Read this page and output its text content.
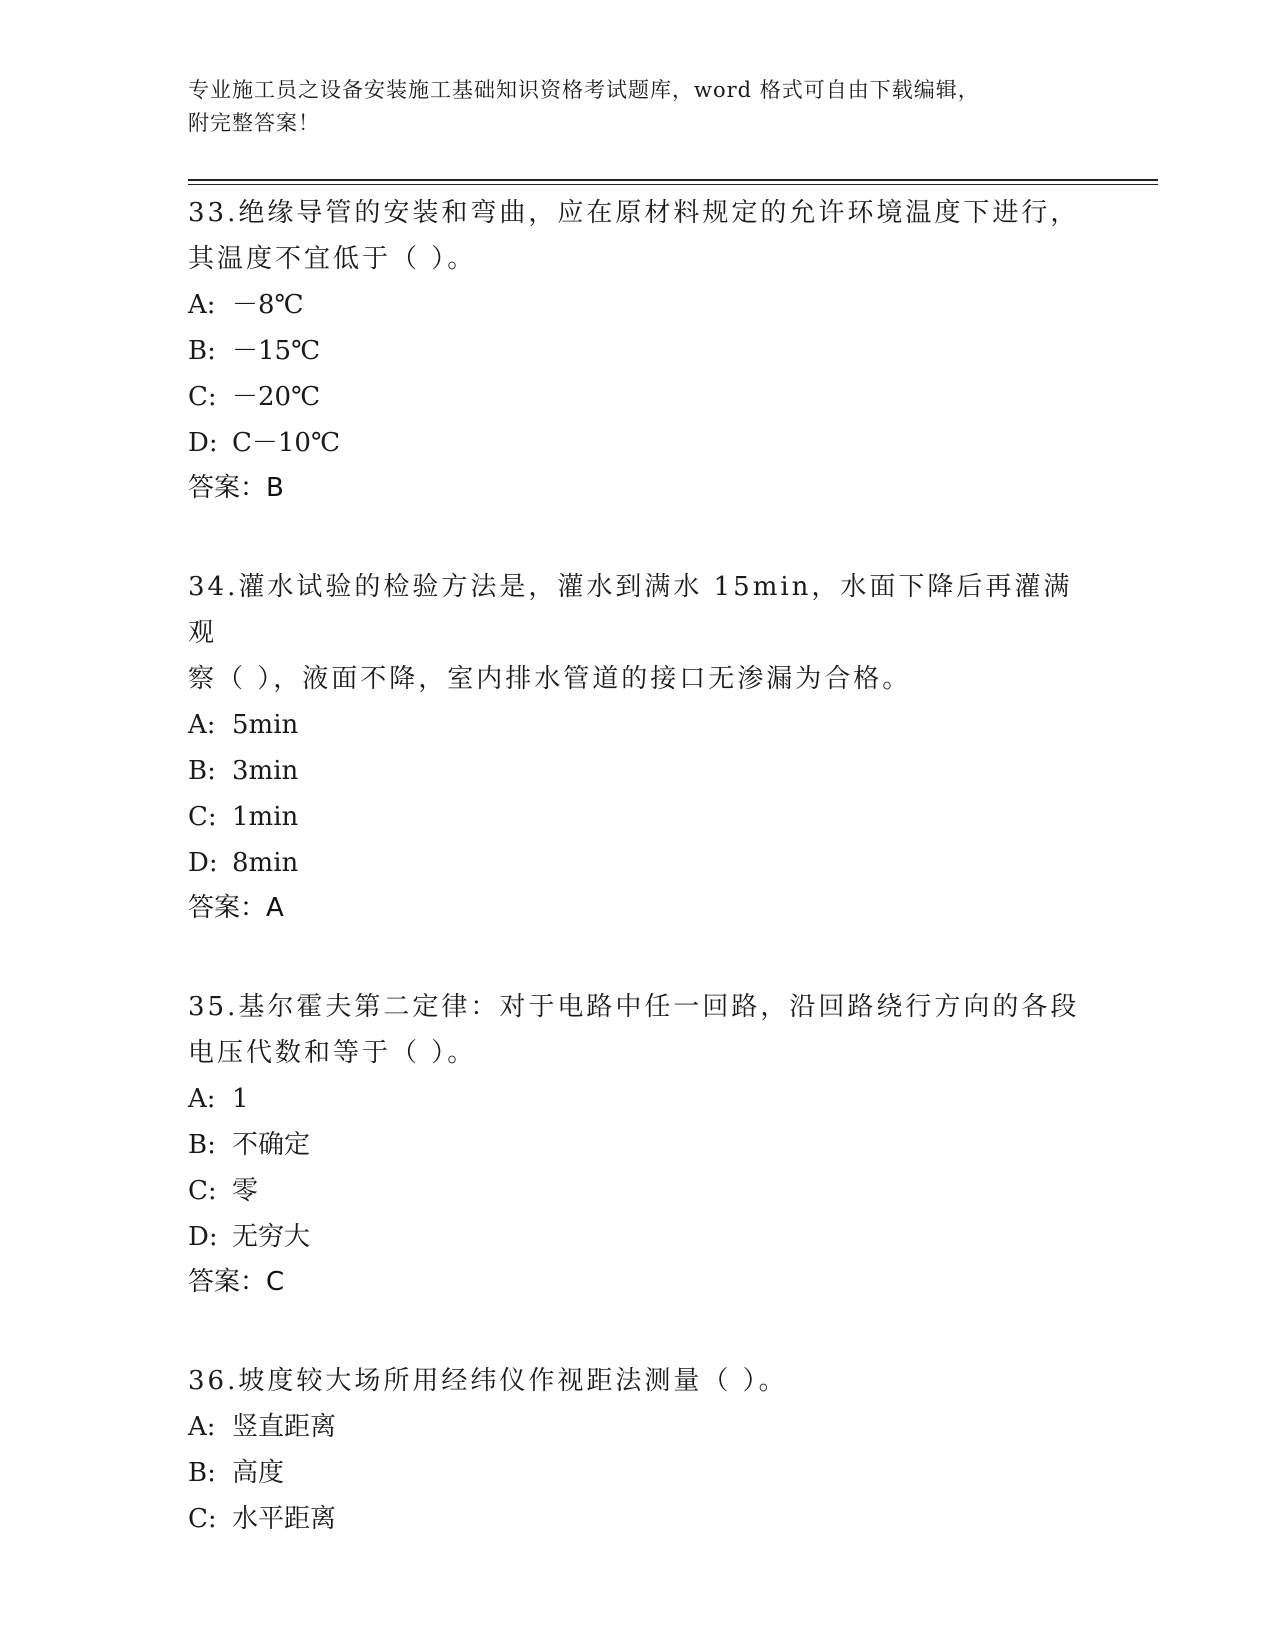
专业施工员之设备安装施工基础知识资格考试题库，word 格式可自由下载编辑，
附完整答案！

33.绝缘导管的安装和弯曲，应在原材料规定的允许环境温度下进行，

其温度不宜低于（ ）。

A: －8℃

B: －15℃

C: －20℃

D: C－10℃

答案：B

34.灌水试验的检验方法是，灌水到满水 15min，水面下降后再灌满观

察（ ），液面不降，室内排水管道的接口无渗漏为合格。

A: 5min

B: 3min

C: 1min

D: 8min

答案：A

35.基尔霍夫第二定律：对于电路中任一回路，沿回路绕行方向的各段

电压代数和等于（ ）。

A: 1

B: 不确定

C: 零

D: 无穷大

答案：C

36.坡度较大场所用经纬仪作视距法测量（ ）。

A: 竖直距离

B: 高度

C: 水平距离
